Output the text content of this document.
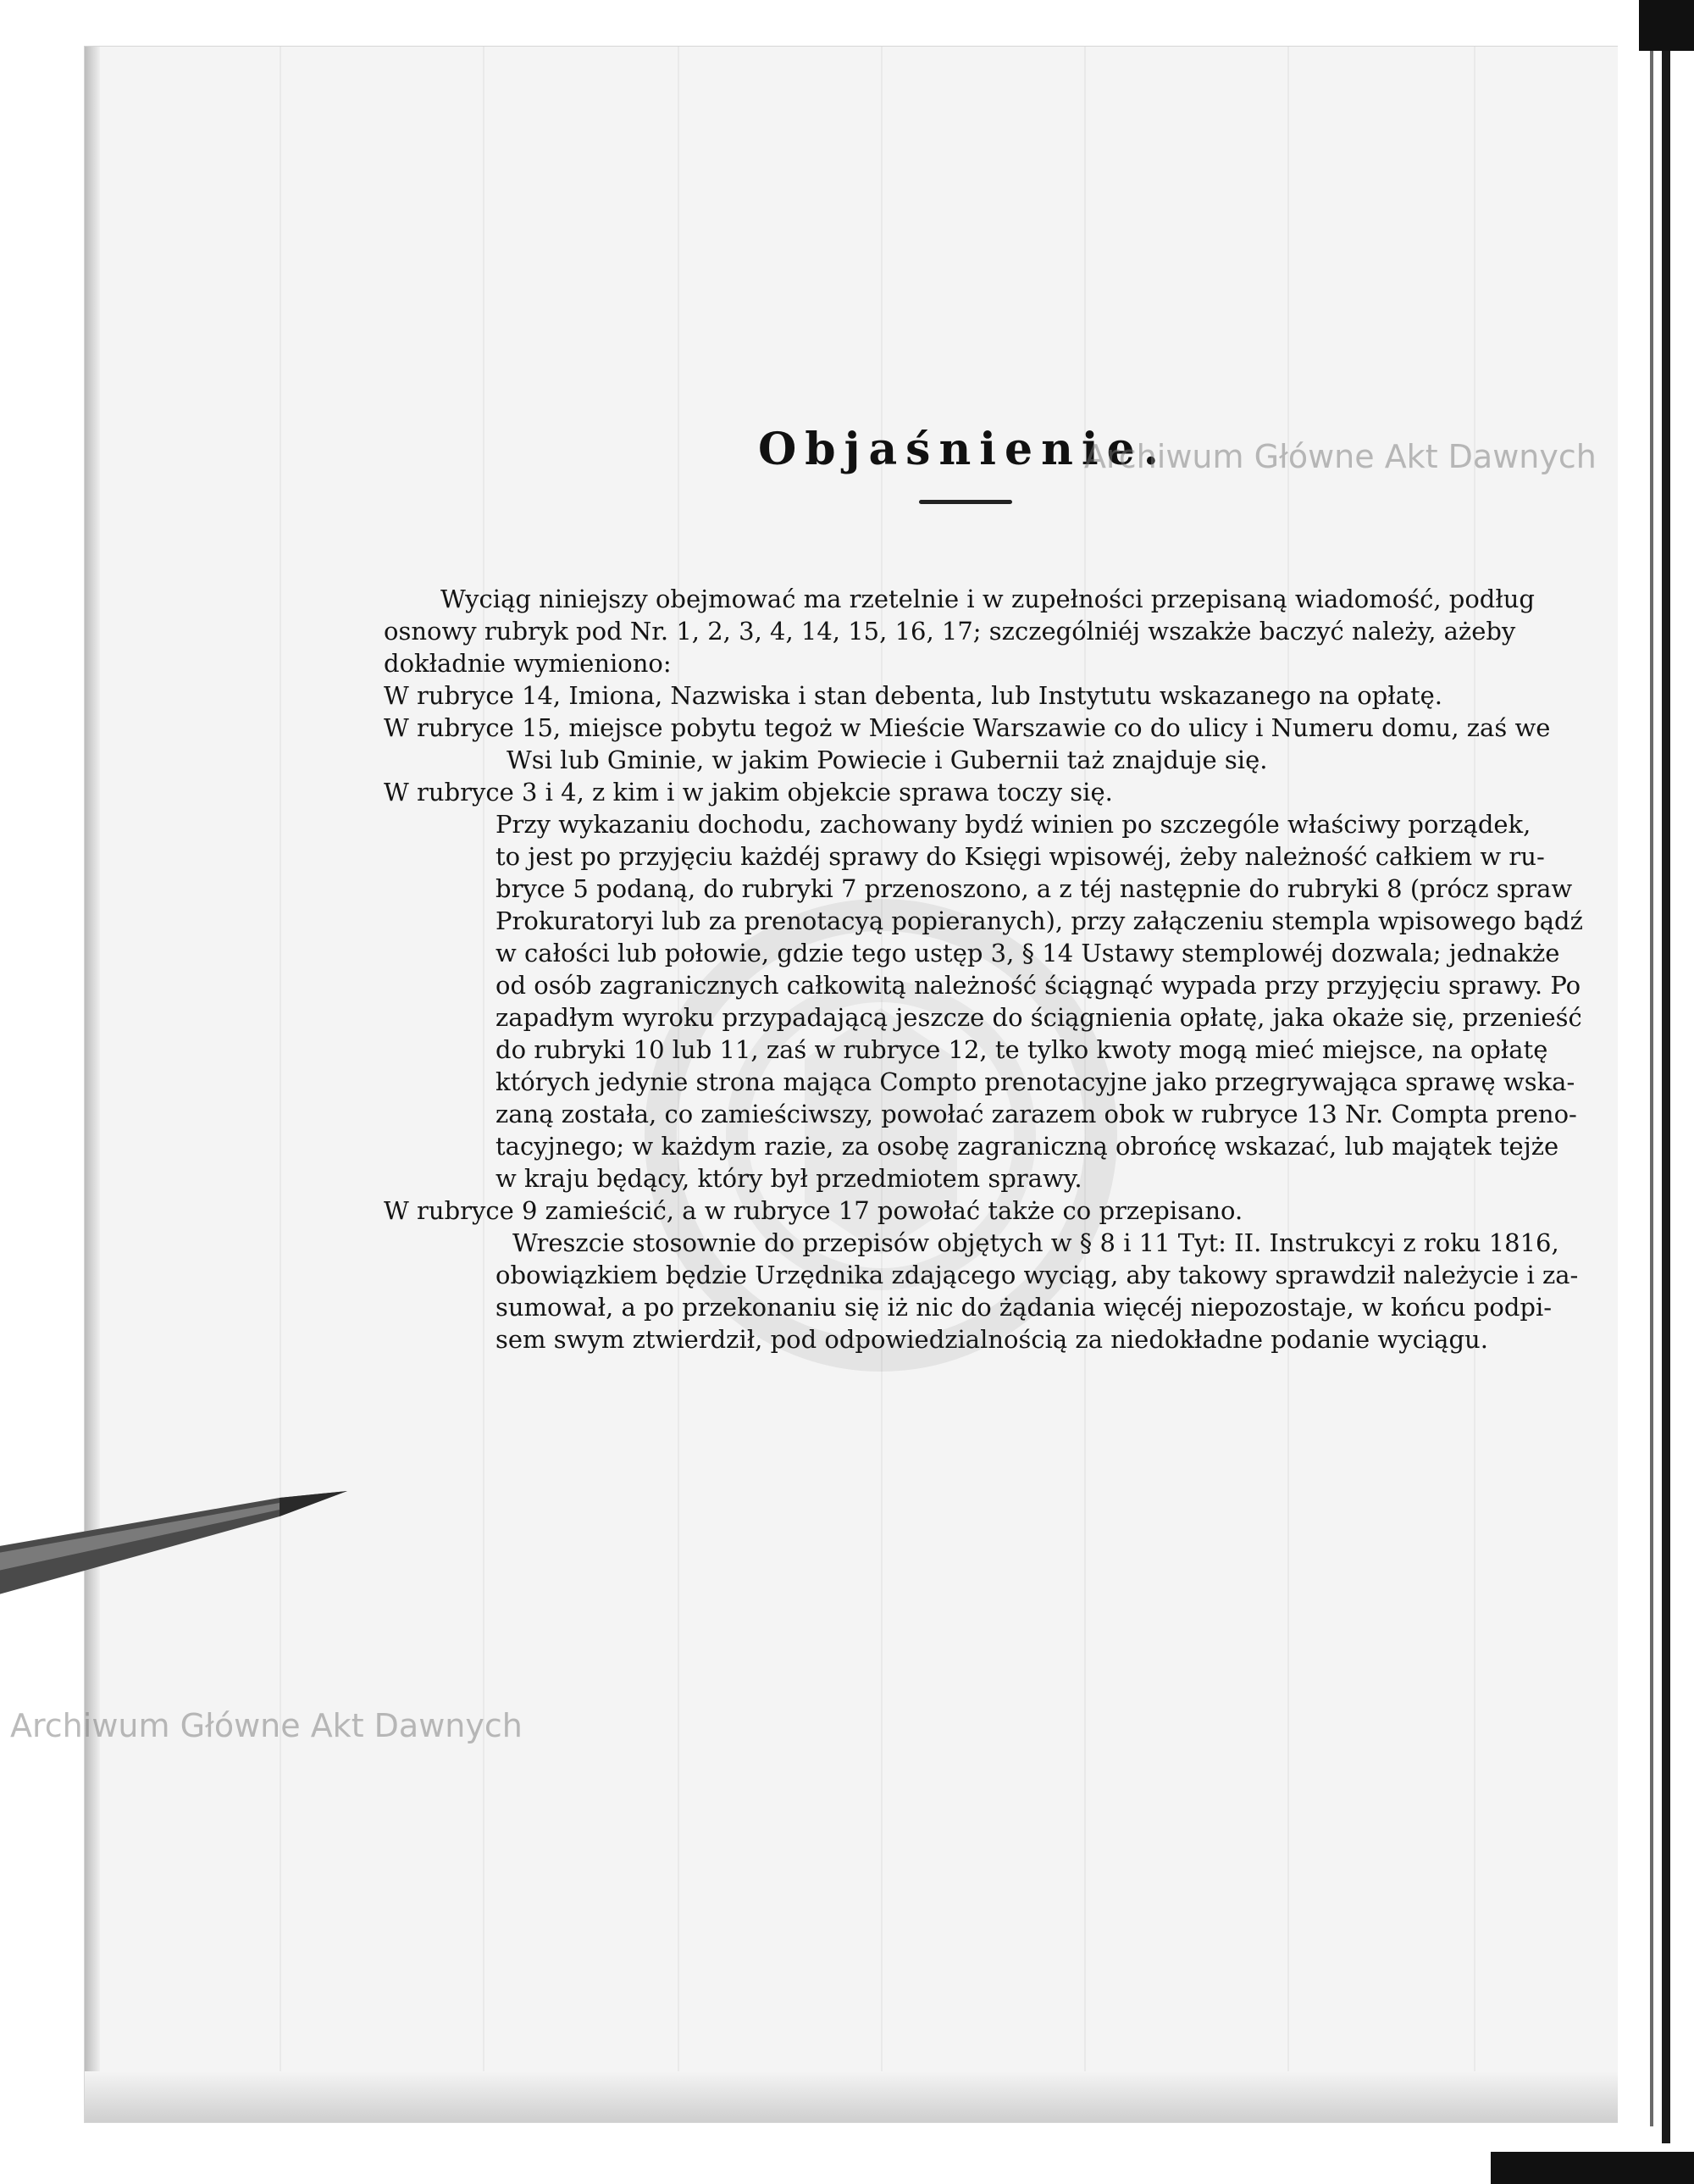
Objaśnienie.
Archiwum Główne Akt Dawnych
Archiwum Główne Akt Dawnych
Wyciąg niniejszy obejmować ma rzetelnie i w zupełności przepisaną wiadomość, podług
osnowy rubryk pod Nr. 1, 2, 3, 4, 14, 15, 16, 17; szczególniéj wszakże baczyć należy, ażeby
dokładnie wymieniono:
W rubryce 14, Imiona, Nazwiska i stan debenta, lub Instytutu wskazanego na opłatę.
W rubryce 15, miejsce pobytu tegoż w Mieście Warszawie co do ulicy i Numeru domu, zaś we
Wsi lub Gminie, w jakim Powiecie i Gubernii taż znajduje się.
W rubryce 3 i 4, z kim i w jakim objekcie sprawa toczy się.
Przy wykazaniu dochodu, zachowany bydź winien po szczególe właściwy porządek,
to jest po przyjęciu każdéj sprawy do Księgi wpisowéj, żeby należność całkiem w ru-
bryce 5 podaną, do rubryki 7 przenoszono, a z téj następnie do rubryki 8 (prócz spraw
Prokuratoryi lub za prenotacyą popieranych), przy załączeniu stempla wpisowego bądź
w całości lub połowie, gdzie tego ustęp 3, § 14 Ustawy stemplowéj dozwala; jednakże
od osób zagranicznych całkowitą należność ściągnąć wypada przy przyjęciu sprawy. Po
zapadłym wyroku przypadającą jeszcze do ściągnienia opłatę, jaka okaże się, przenieść
do rubryki 10 lub 11, zaś w rubryce 12, te tylko kwoty mogą mieć miejsce, na opłatę
których jedynie strona mająca Compto prenotacyjne jako przegrywająca sprawę wska-
zaną została, co zamieściwszy, powołać zarazem obok w rubryce 13 Nr. Compta preno-
tacyjnego; w każdym razie, za osobę zagraniczną obrońcę wskazać, lub majątek tejże
w kraju będący, który był przedmiotem sprawy.
W rubryce 9 zamieścić, a w rubryce 17 powołać także co przepisano.
Wreszcie stosownie do przepisów objętych w § 8 i 11 Tyt: II. Instrukcyi z roku 1816,
obowiązkiem będzie Urzędnika zdającego wyciąg, aby takowy sprawdził należycie i za-
sumował, a po przekonaniu się iż nic do żądania więcéj niepozostaje, w końcu podpi-
sem swym ztwierdził, pod odpowiedzialnością za niedokładne podanie wyciągu.
